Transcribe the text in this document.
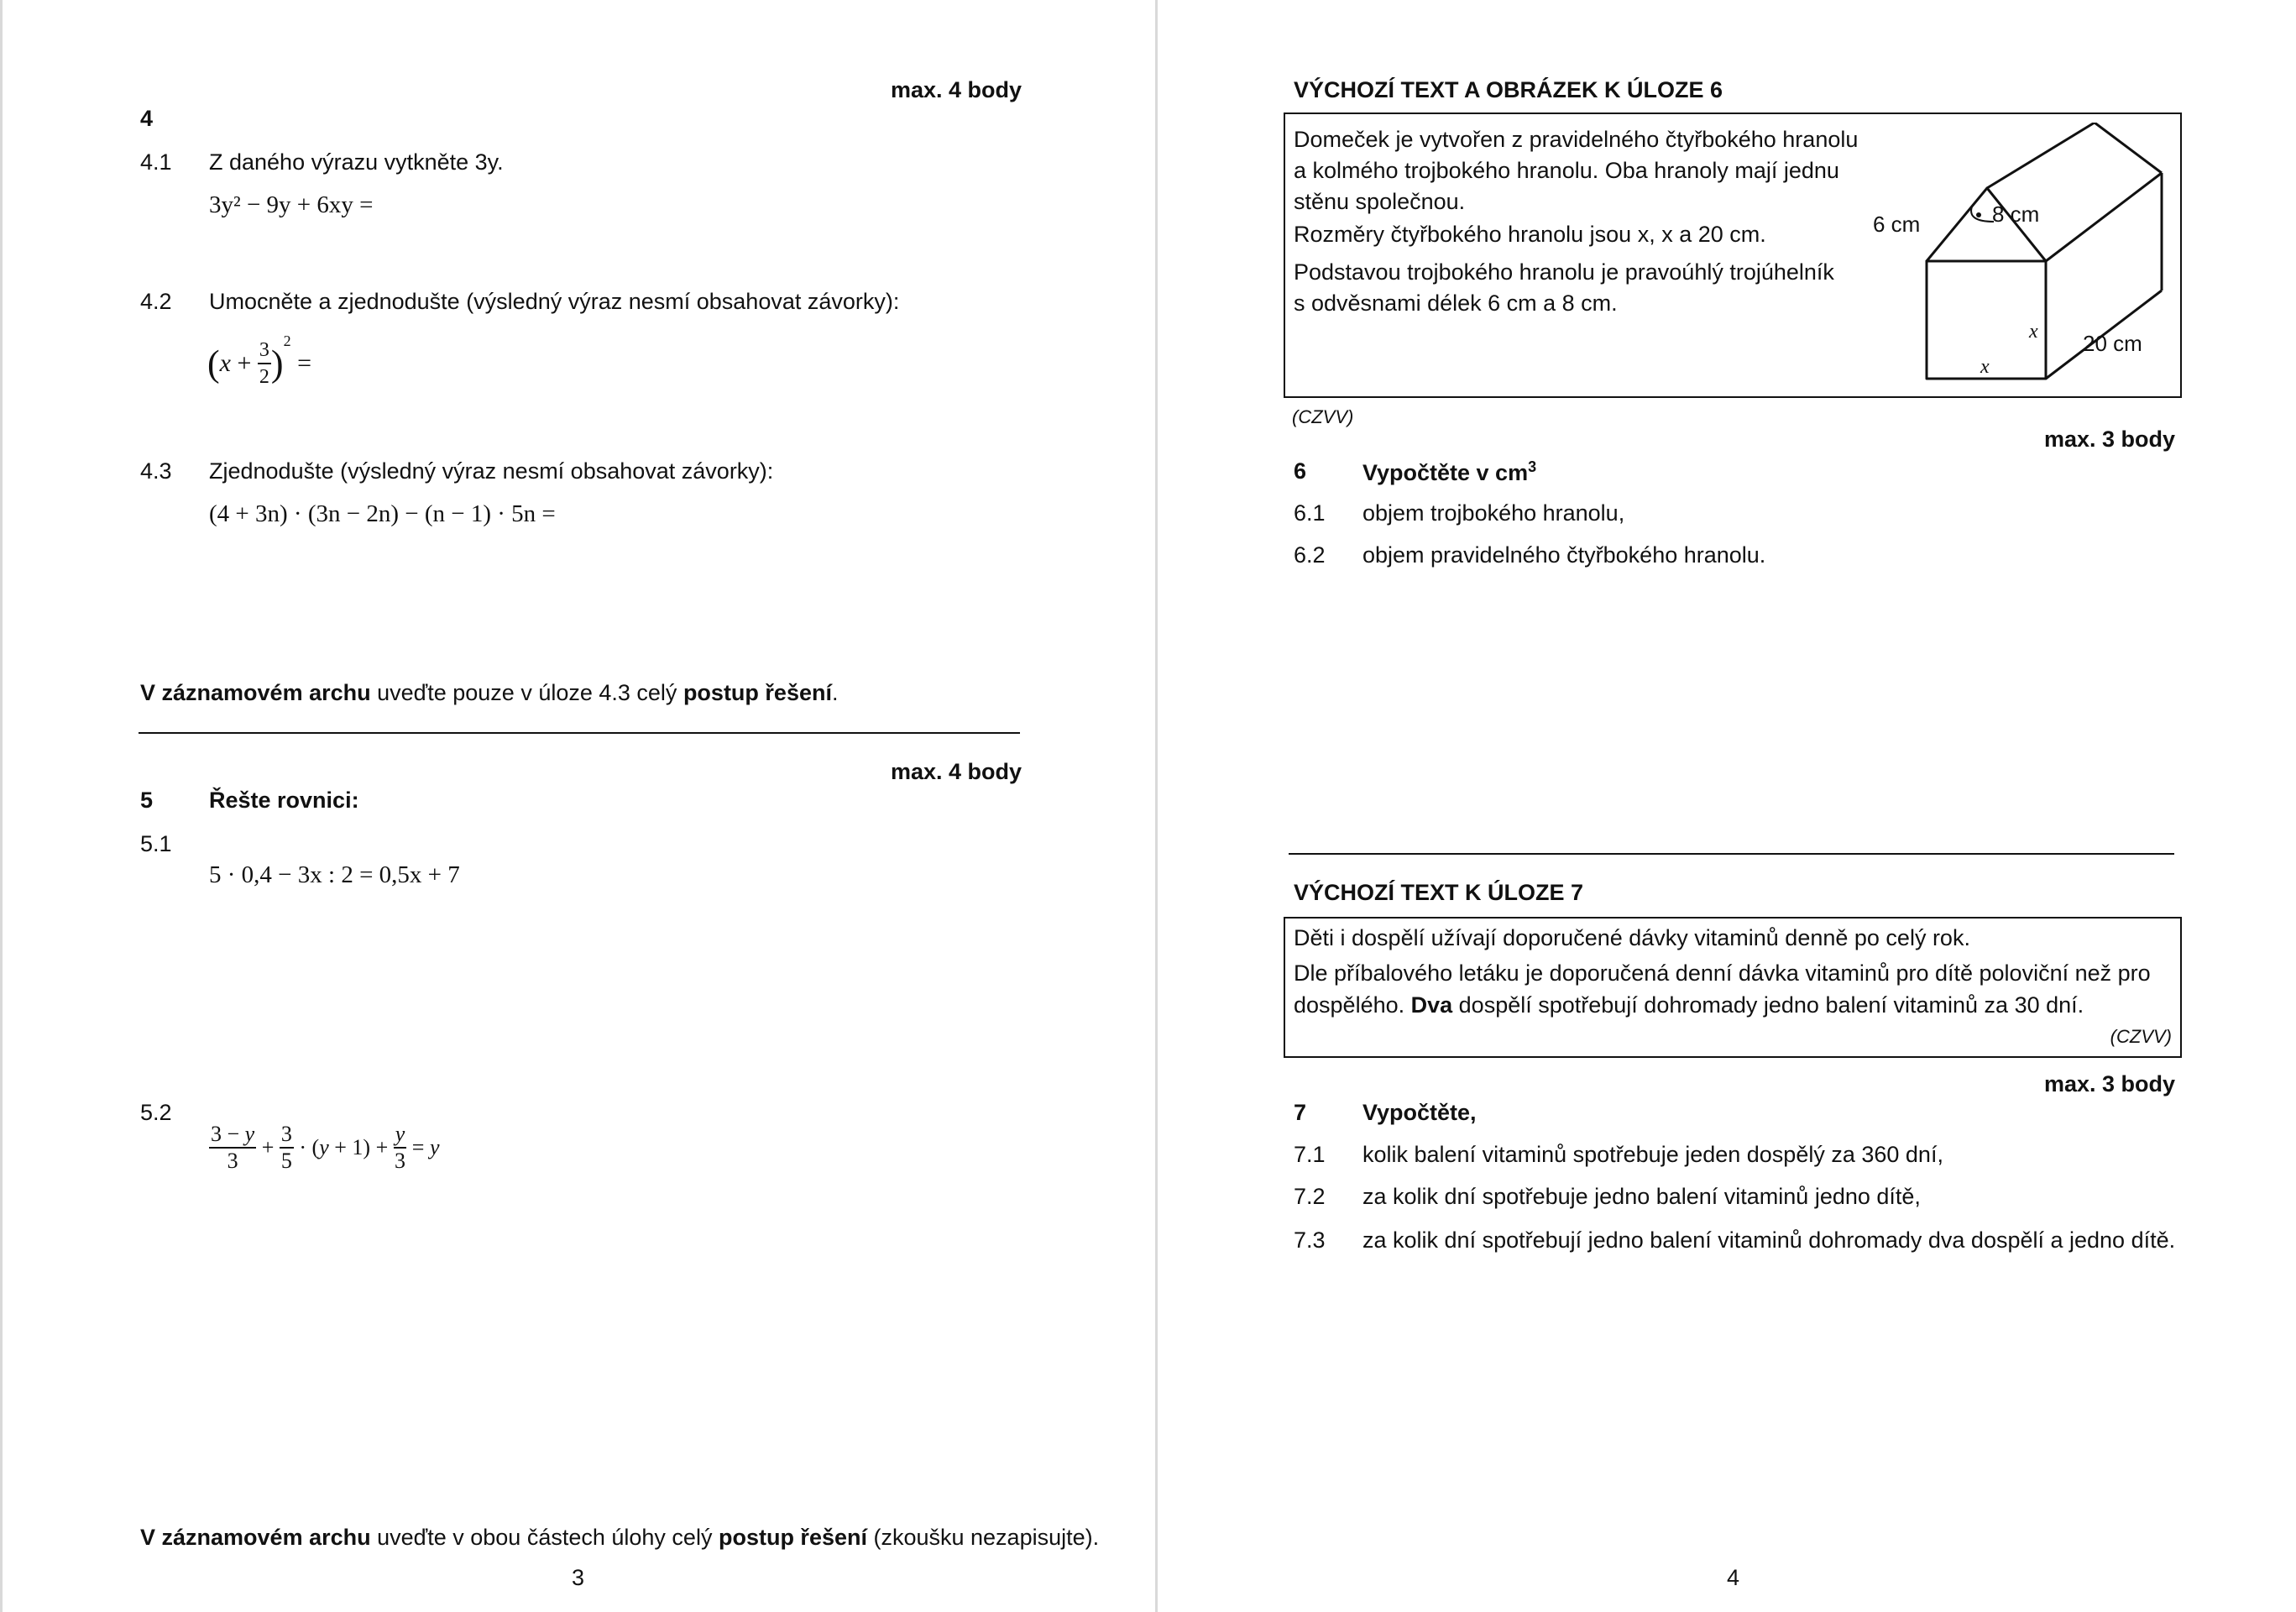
max. 4 body
4
4.1 Z daného výrazu vytkněte 3y.
3y² − 9y + 6xy =
4.2 Umocněte a zjednodušte (výsledný výraz nesmí obsahovat závorky):
$(x + \frac{3}{2} )^2$ =
4.3 Zjednodušte (výsledný výraz nesmí obsahovat závorky):
(4 + 3n) · (3n − 2n) − (n − 1) · 5n =
V záznamovém archu uveďte pouze v úloze 4.3 celý postup řešení.
max. 4 body
5 Řešte rovnici:
5.1
5 · 0,4 − 3x : 2 = 0,5x + 7
5.2
$\frac{3 - y}{3} + \frac{3}{5} \cdot (y + 1) + \frac{y}{3} = y$
V záznamovém archu uveďte v obou částech úlohy celý postup řešení (zkoušku nezapisujte).
3
VÝCHOZÍ TEXT A OBRÁZEK K ÚLOZE 6
Domeček je vytvořen z pravidelného čtyřbokého hranolu
a kolmého trojbokého hranolu. Oba hranoly mají jednu
stěnu společnou.
Rozměry čtyřbokého hranolu jsou x, x a 20 cm.
Podstavou trojbokého hranolu je pravoúhlý trojúhelník
s odvěsnami délek 6 cm a 8 cm.
6 cm	8 cm
20 cm
x
x
(CZVV)
max. 3 body
6 Vypočtěte v $cm^3$
6.1 objem trojbokého hranolu,
6.2 objem pravidelného čtyřbokého hranolu.
VÝCHOZÍ TEXT K ÚLOZE 7
Děti i dospělí užívají doporučené dávky vitaminů denně po celý rok.
Dle příbalového letáku je doporučená denní dávka vitaminů pro dítě poloviční než pro
dospělého. Dva dospělí spotřebují dohromady jedno balení vitaminů za 30 dní.
(CZVV)
max. 3 body
7 Vypočtěte,
7.1 kolik balení vitaminů spotřebuje jeden dospělý za 360 dní,
7.2 za kolik dní spotřebuje jedno balení vitaminů jedno dítě,
7.3 za kolik dní spotřebují jedno balení vitaminů dohromady dva dospělí a jedno dítě.
4
